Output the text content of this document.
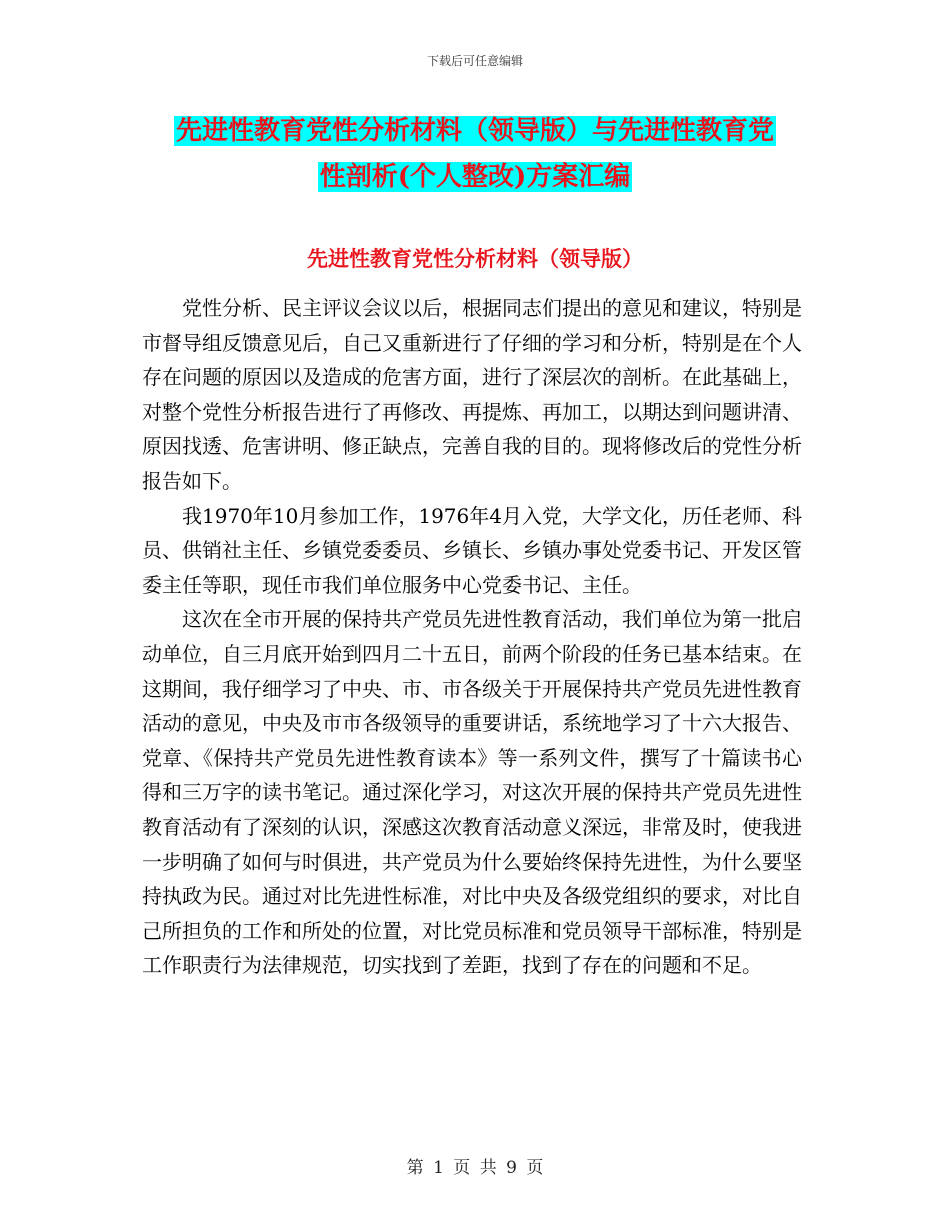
下载后可任意编辑
先进性教育党性分析材料（领导版）与先进性教育党
性剖析(个人整改)方案汇编
先进性教育党性分析材料（领导版）

党性分析、民主评议会议以后，根据同志们提出的意见和建议，特别是市督导组反馈意见后，自己又重新进行了仔细的学习和分析，特别是在个人存在问题的原因以及造成的危害方面，进行了深层次的剖析。在此基础上，对整个党性分析报告进行了再修改、再提炼、再加工，以期达到问题讲清、原因找透、危害讲明、修正缺点，完善自我的目的。现将修改后的党性分析报告如下。

我1970年10月参加工作，1976年4月入党，大学文化，历任老师、科员、供销社主任、乡镇党委委员、乡镇长、乡镇办事处党委书记、开发区管委主任等职，现任市我们单位服务中心党委书记、主任。

这次在全市开展的保持共产党员先进性教育活动，我们单位为第一批启动单位，自三月底开始到四月二十五日，前两个阶段的任务已基本结束。在这期间，我仔细学习了中央、市、市各级关于开展保持共产党员先进性教育活动的意见，中央及市市各级领导的重要讲话，系统地学习了十六大报告、党章、《保持共产党员先进性教育读本》等一系列文件，撰写了十篇读书心得和三万字的读书笔记。通过深化学习，对这次开展的保持共产党员先进性教育活动有了深刻的认识，深感这次教育活动意义深远，非常及时，使我进一步明确了如何与时俱进，共产党员为什么要始终保持先进性，为什么要坚持执政为民。通过对比先进性标准，对比中央及各级党组织的要求，对比自己所担负的工作和所处的位置，对比党员标准和党员领导干部标准，特别是工作职责行为法律规范，切实找到了差距，找到了存在的问题和不足。

第 1 页 共 9 页
